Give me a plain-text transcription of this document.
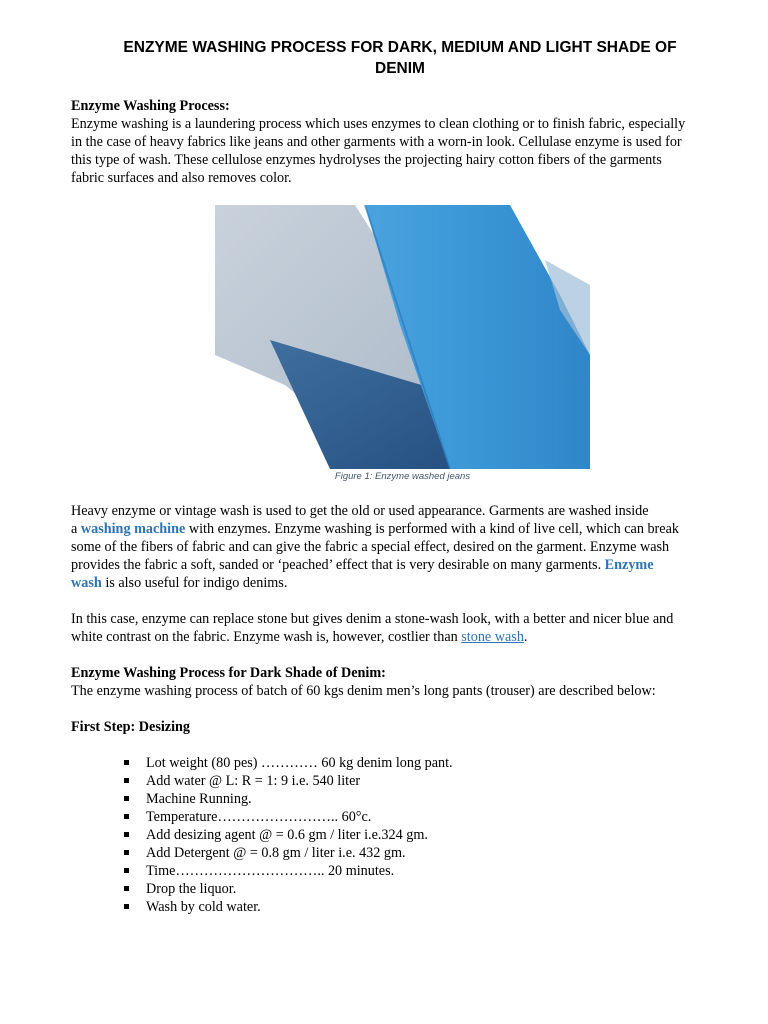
ENZYME WASHING PROCESS FOR DARK, MEDIUM AND LIGHT SHADE OF
DENIM
Enzyme Washing Process:
Enzyme washing is a laundering process which uses enzymes to clean clothing or to finish fabric, especially
in the case of heavy fabrics like jeans and other garments with a worn-in look. Cellulase enzyme is used for
this type of wash. These cellulose enzymes hydrolyses the projecting hairy cotton fibers of the garments
fabric surfaces and also removes color.
Figure 1: Enzyme washed jeans
Heavy enzyme or vintage wash is used to get the old or used appearance. Garments are washed inside
a washing machine with enzymes. Enzyme washing is performed with a kind of live cell, which can break
some of the fibers of fabric and can give the fabric a special effect, desired on the garment. Enzyme wash
provides the fabric a soft, sanded or ‘peached’ effect that is very desirable on many garments. Enzyme
wash is also useful for indigo denims.
In this case, enzyme can replace stone but gives denim a stone-wash look, with a better and nicer blue and
white contrast on the fabric. Enzyme wash is, however, costlier than stone wash.
Enzyme Washing Process for Dark Shade of Denim:
The enzyme washing process of batch of 60 kgs denim men’s long pants (trouser) are described below:
First Step: Desizing
Lot weight (80 pes) ………… 60 kg denim long pant.
Add water @ L: R = 1: 9 i.e. 540 liter
Machine Running.
Temperature…………………….. 60°c.
Add desizing agent @ = 0.6 gm / liter i.e.324 gm.
Add Detergent @ = 0.8 gm / liter i.e. 432 gm.
Time………………………….. 20 minutes.
Drop the liquor.
Wash by cold water.
